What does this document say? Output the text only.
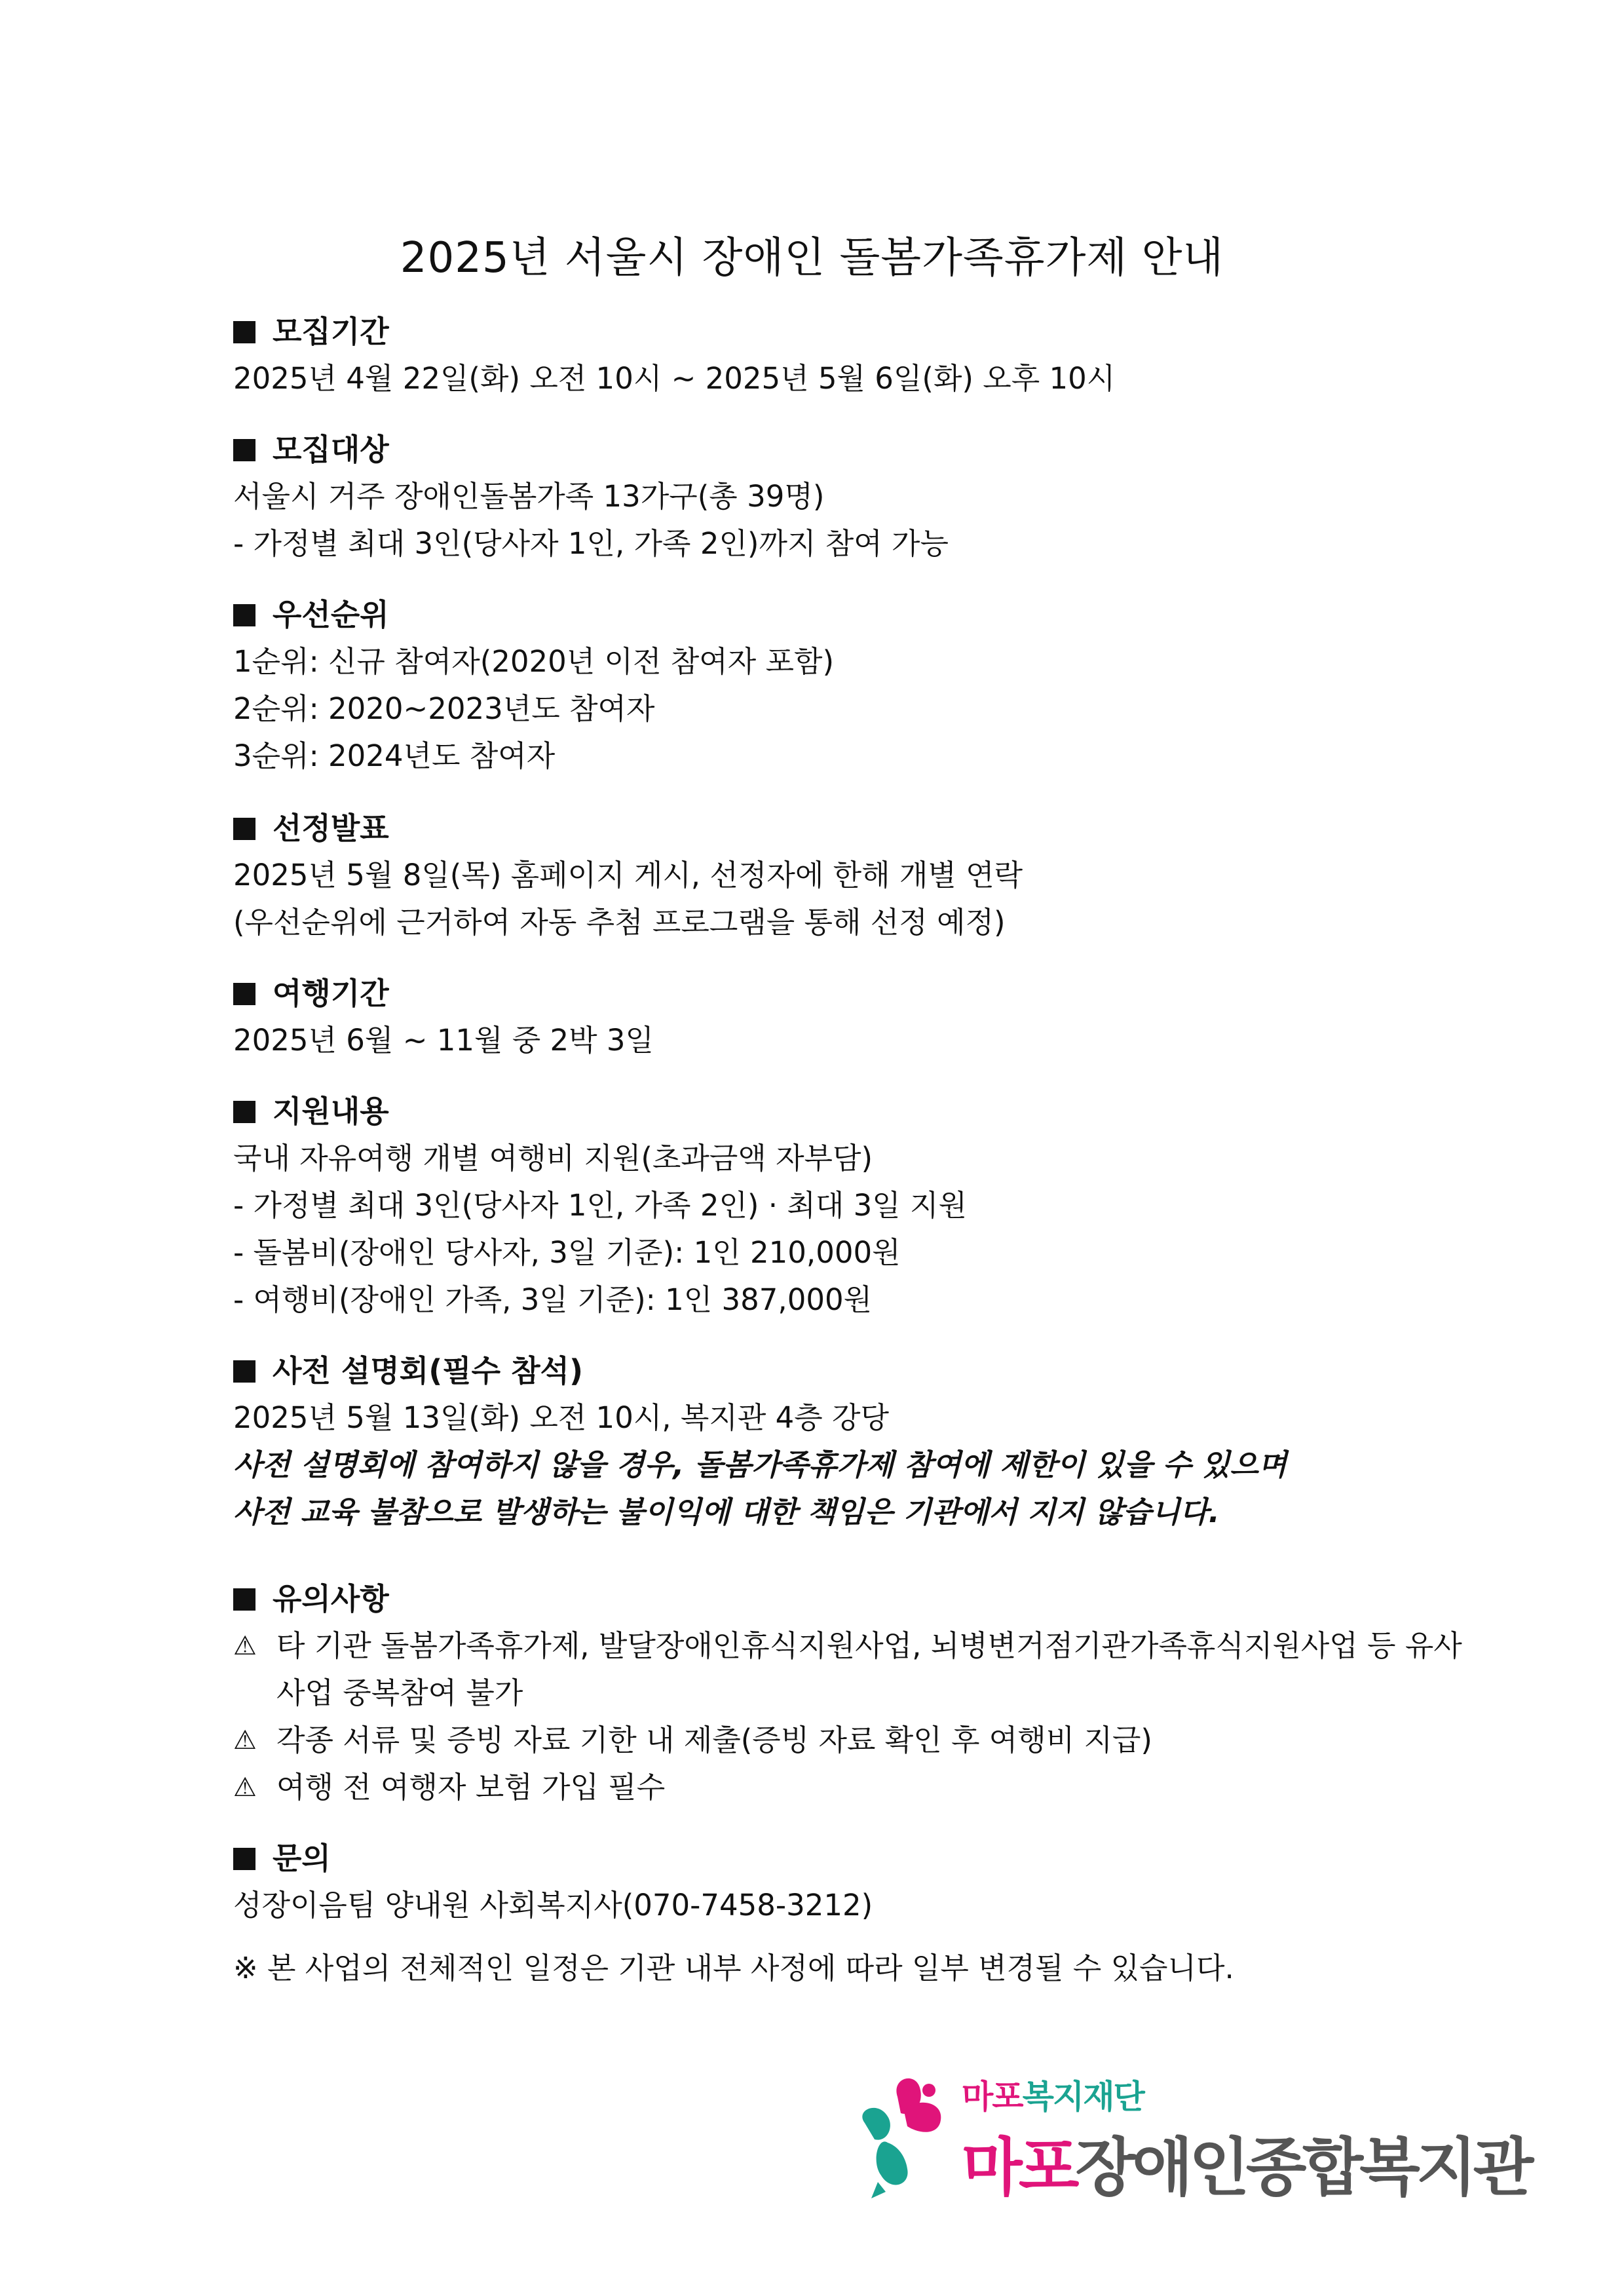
2025년 서울시 장애인 돌봄가족휴가제 안내
모집기간
2025년 4월 22일(화) 오전 10시 ~ 2025년 5월 6일(화) 오후 10시
모집대상
서울시 거주 장애인돌봄가족 13가구(총 39명)
- 가정별 최대 3인(당사자 1인, 가족 2인)까지 참여 가능
우선순위
1순위: 신규 참여자(2020년 이전 참여자 포함)
2순위: 2020~2023년도 참여자
3순위: 2024년도 참여자
선정발표
2025년 5월 8일(목) 홈페이지 게시, 선정자에 한해 개별 연락
(우선순위에 근거하여 자동 추첨 프로그램을 통해 선정 예정)
여행기간
2025년 6월 ~ 11월 중 2박 3일
지원내용
국내 자유여행 개별 여행비 지원(초과금액 자부담)
- 가정별 최대 3인(당사자 1인, 가족 2인) · 최대 3일 지원
- 돌봄비(장애인 당사자, 3일 기준): 1인 210,000원
- 여행비(장애인 가족, 3일 기준): 1인 387,000원
사전 설명회(필수 참석)
2025년 5월 13일(화) 오전 10시, 복지관 4층 강당
사전 설명회에 참여하지 않을 경우, 돌봄가족휴가제 참여에 제한이 있을 수 있으며
사전 교육 불참으로 발생하는 불이익에 대한 책임은 기관에서 지지 않습니다.
유의사항
⚠ 타 기관 돌봄가족휴가제, 발달장애인휴식지원사업, 뇌병변거점기관가족휴식지원사업 등 유사 사업 중복참여 불가
⚠ 각종 서류 및 증빙 자료 기한 내 제출(증빙 자료 확인 후 여행비 지급)
⚠ 여행 전 여행자 보험 가입 필수
문의
성장이음팀 양내원 사회복지사(070-7458-3212)
※ 본 사업의 전체적인 일정은 기관 내부 사정에 따라 일부 변경될 수 있습니다.
마포복지재단
마포장애인종합복지관
